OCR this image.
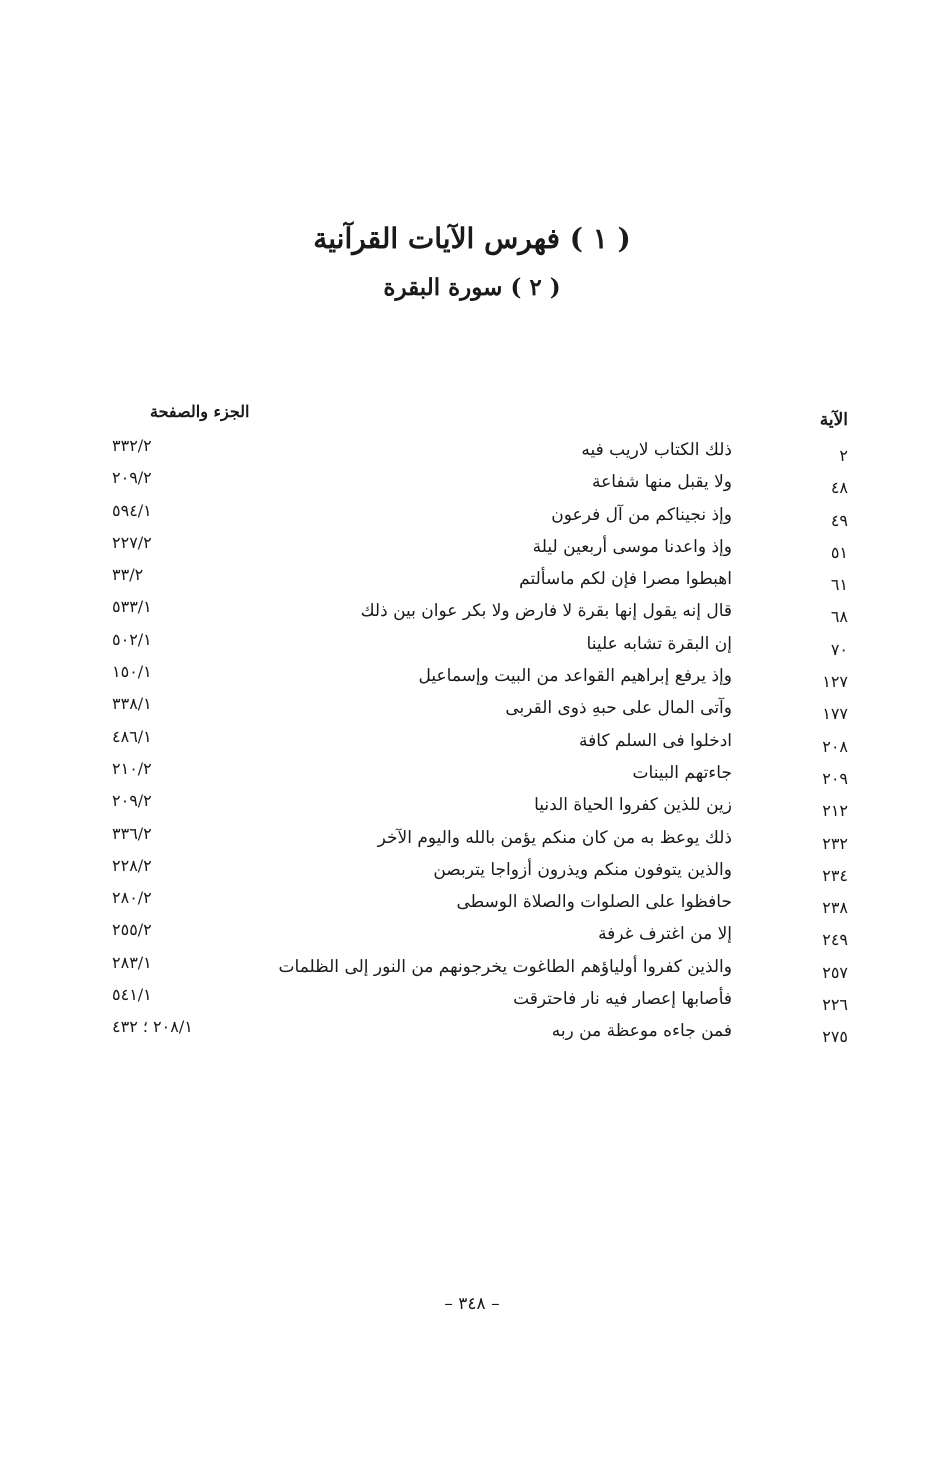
( ١ ) فهرس الآيات القرآنية
( ٢ ) سورة البقرة
الآية
الجزء والصفحة
٢
ذلك الكتاب لاريب فيه
٣٣٢/٢
٤٨
ولا يقبل منها شفاعة
٢٠٩/٢
٤٩
وإذ نجيناكم من آل فرعون
٥٩٤/١
٥١
وإذ واعدنا موسى أربعين ليلة
٢٢٧/٢
٦١
اهبطوا مصرا فإن لكم ماسألتم
٣٣/٢
٦٨
قال إنه يقول إنها بقرة لا فارض ولا بكر عوان بين ذلك
٥٣٣/١
٧٠
إن البقرة تشابه علينا
٥٠٢/١
١٢٧
وإذ يرفع إبراهيم القواعد من البيت وإسماعيل
١٥٠/١
١٧٧
وآتى المال على حبهِ ذوى القربى
٣٣٨/١
٢٠٨
ادخلوا فى السلم كافة
٤٨٦/١
٢٠٩
جاءتهم البينات
٢١٠/٢
٢١٢
زين للذين كفروا الحياة الدنيا
٢٠٩/٢
٢٣٢
ذلك يوعظ به من كان منكم يؤمن بالله واليوم الآخر
٣٣٦/٢
٢٣٤
والذين يتوفون منكم ويذرون أزواجا يتربصن
٢٢٨/٢
٢٣٨
حافظوا على الصلوات والصلاة الوسطى
٢٨٠/٢
٢٤٩
إلا من اغترف غرفة
٢٥٥/٢
٢٥٧
والذين كفروا أولياؤهم الطاغوت يخرجونهم من النور إلى الظلمات
٢٨٣/١
٢٢٦
فأصابها إعصار فيه نار فاحترقت
٥٤١/١
٢٧٥
فمن جاءه موعظة من ربه
٢٠٨/١ ؛ ٤٣٢
– ٣٤٨ –
